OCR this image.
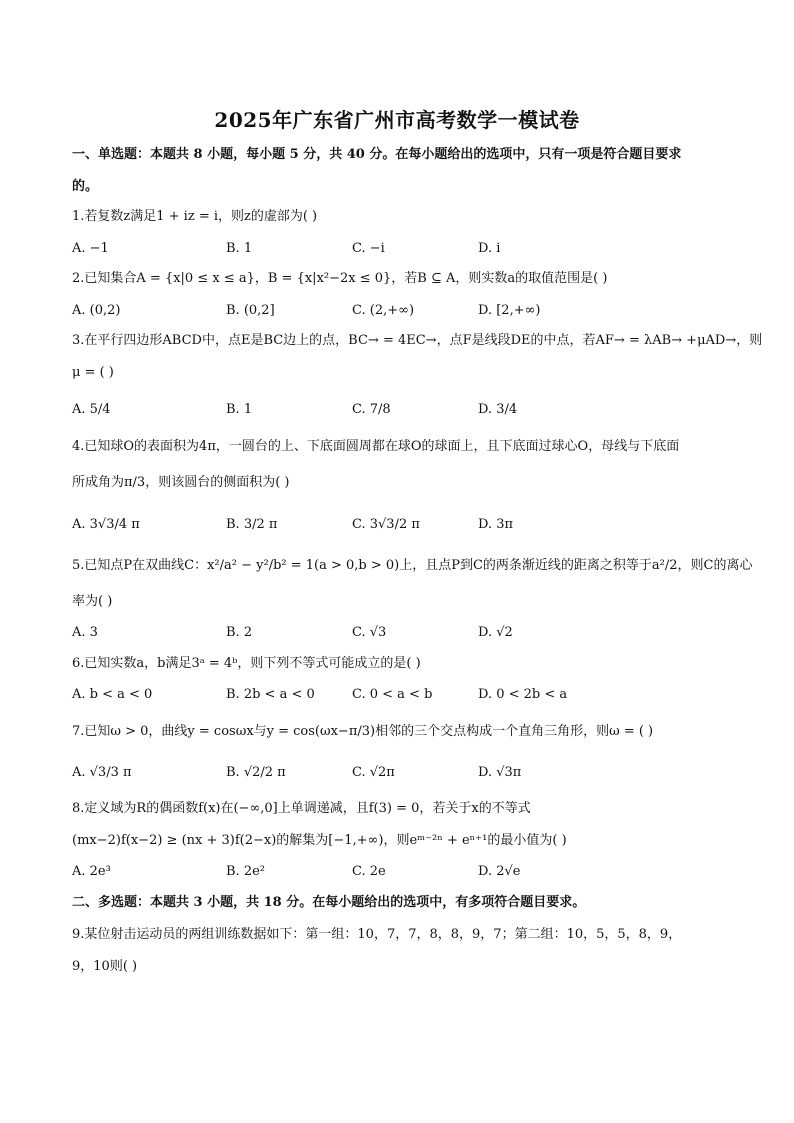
2025年广东省广州市高考数学一模试卷
一、单选题：本题共 8 小题，每小题 5 分，共 40 分。在每小题给出的选项中，只有一项是符合题目要求
的。
1.若复数z满足1 + iz = i，则z的虚部为( )
A. −1	B. 1	C. −i	D. i
2.已知集合A = {x|0 ≤ x ≤ a}，B = {x|x²−2x ≤ 0}，若B ⊆ A，则实数a的取值范围是( )
A. (0,2)	B. (0,2]	C. (2,+∞)	D. [2,+∞)
3.在平行四边形ABCD中，点E是BC边上的点，BC→ = 4EC→，点F是线段DE的中点，若AF→ = λAB→ +μAD→，则
μ = ( )
A. 5/4	B. 1	C. 7/8	D. 3/4
4.已知球O的表面积为4π，一圆台的上、下底面圆周都在球O的球面上，且下底面过球心O，母线与下底面
所成角为π/3，则该圆台的侧面积为( )
A. 3√3/4 π	B. 3/2 π	C. 3√3/2 π	D. 3π
5.已知点P在双曲线C：x²/a² − y²/b² = 1(a > 0,b > 0)上，且点P到C的两条渐近线的距离之积等于a²/2，则C的离心
率为( )
A. 3	B. 2	C. √3	D. √2
6.已知实数a，b满足3ᵃ = 4ᵇ，则下列不等式可能成立的是( )
A. b < a < 0	B. 2b < a < 0	C. 0 < a < b	D. 0 < 2b < a
7.已知ω > 0，曲线y = cosωx与y = cos(ωx−π/3)相邻的三个交点构成一个直角三角形，则ω = ( )
A. √3/3 π	B. √2/2 π	C. √2π	D. √3π
8.定义域为R的偶函数f(x)在(−∞,0]上单调递减，且f(3) = 0，若关于x的不等式
(mx−2)f(x−2) ≥ (nx + 3)f(2−x)的解集为[−1,+∞)，则eᵐ⁻²ⁿ + eⁿ⁺¹的最小值为( )
A. 2e³	B. 2e²	C. 2e	D. 2√e
二、多选题：本题共 3 小题，共 18 分。在每小题给出的选项中，有多项符合题目要求。
9.某位射击运动员的两组训练数据如下：第一组：10，7，7，8，8，9，7；第二组：10，5，5，8，9，
9，10则( )
